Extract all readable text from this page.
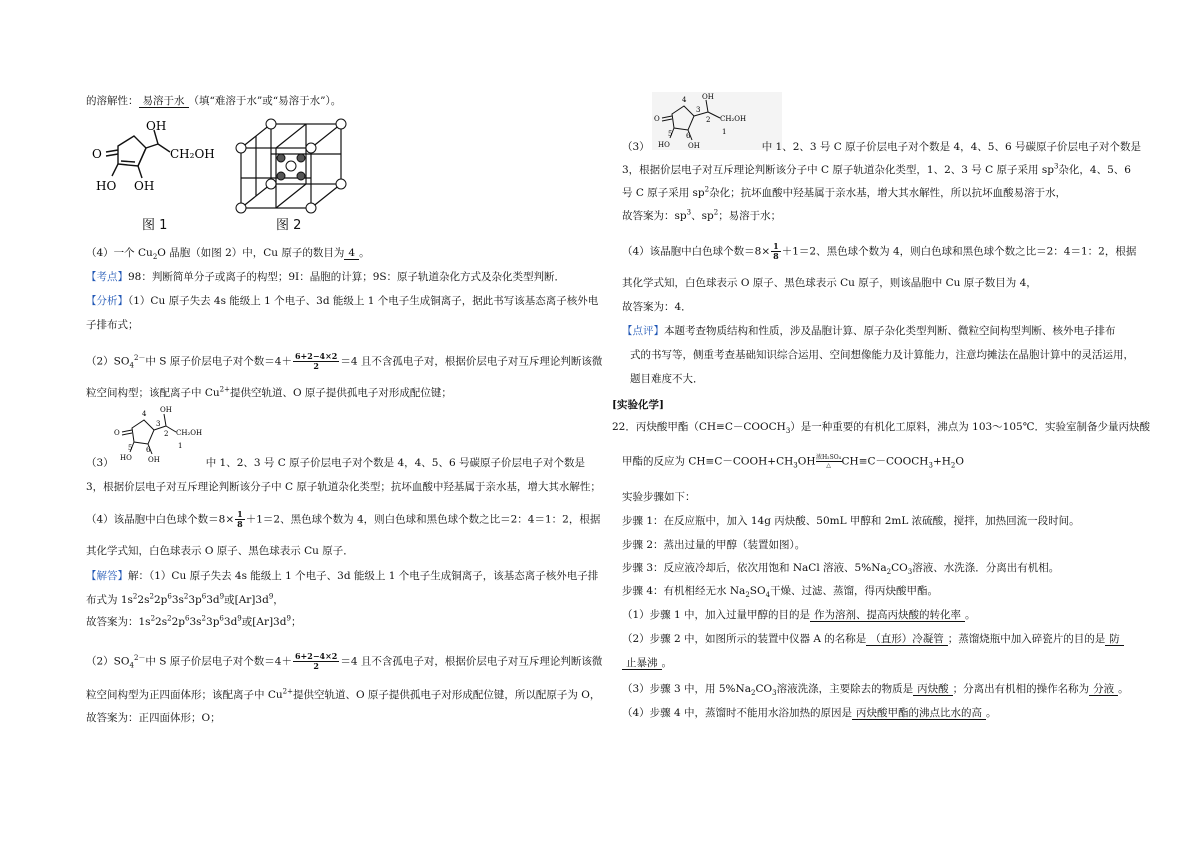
的溶解性： 易溶于水 （填“难溶于水”或“易溶于水”）。
O
HO OH
OH
CH₂OH
图 1	图 2
（4）一个 $Cu_2O$ 晶胞（如图 2）中，Cu 原子的数目为 4 。
【考点】98：判断简单分子或离子的构型；9I：晶胞的计算；9S：原子轨道杂化方式及杂化类型判断．
【分析】（1）Cu 原子失去 4s 能级上 1 个电子、3d 能级上 1 个电子生成铜离子，据此书写该基态离子核外电
子排布式；
$(2)SO_4^{2-}$中 S 原子价层电子对个数$=4+ \frac{6+2-4\times 2}{2} =4$ 且不含孤电子对，根据价层电子对互斥理论判断该微
粒空间构型；该配离子中 $Cu^{2+}$提供空轨道、O 原子提供孤电子对形成配位键；
O
HO OH
OH
CH₂OH
1
2
3
4
5 6
（3）	中 1、2、3 号 C 原子价层电子对个数是 4，4、5、6 号碳原子价层电子对个数是
3，根据价层电子对互斥理论判断该分子中 C 原子轨道杂化类型；抗坏血酸中羟基属于亲水基，增大其水解性；
（4）该晶胞中白色球个数$=8\times \frac{1}{8} +1=2$、黑色球个数为 4，则白色球和黑色球个数之比＝2：4＝1：2，根据
其化学式知，白色球表示 O 原子、黑色球表示 Cu 原子．
【解答】解：（1）Cu 原子失去 4s 能级上 1 个电子、3d 能级上 1 个电子生成铜离子，该基态离子核外电子排
布式为 $1s^22s^22p^63s^23p^63d^9$或$[Ar]3d^9$，
故答案为：$1s^22s^22p^63s^23p^63d^9$或$[Ar]3d^9$；
$(2)SO_4^{2-}$中 S 原子价层电子对个数$=4+ \frac{6+2-4\times 2}{2} =4$ 且不含孤电子对，根据价层电子对互斥理论判断该微
粒空间构型为正四面体形；该配离子中 $Cu^{2+}$提供空轨道、O 原子提供孤电子对形成配位键，所以配原子为 O，
故答案为：正四面体形；O；
O
HO	OH
OH
CH₂OH
1
2
3
4
5 6
（3）	中 1、2、3 号 C 原子价层电子对个数是 4，4、5、6 号碳原子价层电子对个数是
3，根据价层电子对互斥理论判断该分子中 C 原子轨道杂化类型，1、2、3 号 C 原子采用 $sp^3$杂化，4、5、6
号 C 原子采用 $sp^2$杂化；抗坏血酸中羟基属于亲水基，增大其水解性，所以抗坏血酸易溶于水，
故答案为：$sp^3$、$sp^2$；易溶于水；
（4）该晶胞中白色球个数$=8\times \frac{1}{8} +1=2$、黑色球个数为 4，则白色球和黑色球个数之比＝2：4＝1：2，根据
其化学式知，白色球表示 O 原子、黑色球表示 Cu 原子，则该晶胞中 Cu 原子数目为 4，
故答案为：4．
【点评】本题考查物质结构和性质，涉及晶胞计算、原子杂化类型判断、微粒空间构型判断、核外电子排布
式的书写等，侧重考查基础知识综合运用、空间想像能力及计算能力，注意均摊法在晶胞计算中的灵活运用，
题目难度不大．
[实验化学]
22．丙炔酸甲酯$(CH\equiv C-COOCH_3)$是一种重要的有机化工原料，沸点为 103～105℃．实验室制备少量丙炔酸
甲酯的反应为 $CH\equiv C-COOH+CH_3OH$ 浓H₂SO₄
△ $CH\equiv C-COOCH_3+H_2O$
实验步骤如下：
步骤 1：在反应瓶中，加入 14g 丙炔酸、50mL 甲醇和 2mL 浓硫酸，搅拌，加热回流一段时间。
步骤 2：蒸出过量的甲醇（装置如图）。
步骤 3：反应液冷却后，依次用饱和 NaCl 溶液、$5\%Na_2CO_3$溶液、水洗涤．分离出有机相。
步骤 4：有机相经无水 $Na_2SO_4$干燥、过滤、蒸馏，得丙炔酸甲酯。
（1）步骤 1 中，加入过量甲醇的目的是 作为溶剂、提高丙炔酸的转化率 。
（2）步骤 2 中，如图所示的装置中仪器 A 的名称是 （直形）冷凝管 ；蒸馏烧瓶中加入碎瓷片的目的是 防
止暴沸 。
（3）步骤 3 中，用 $5\%Na_2CO_3$溶液洗涤，主要除去的物质是 丙炔酸 ；分离出有机相的操作名称为 分液 。
（4）步骤 4 中，蒸馏时不能用水浴加热的原因是 丙炔酸甲酯的沸点比水的高 。
